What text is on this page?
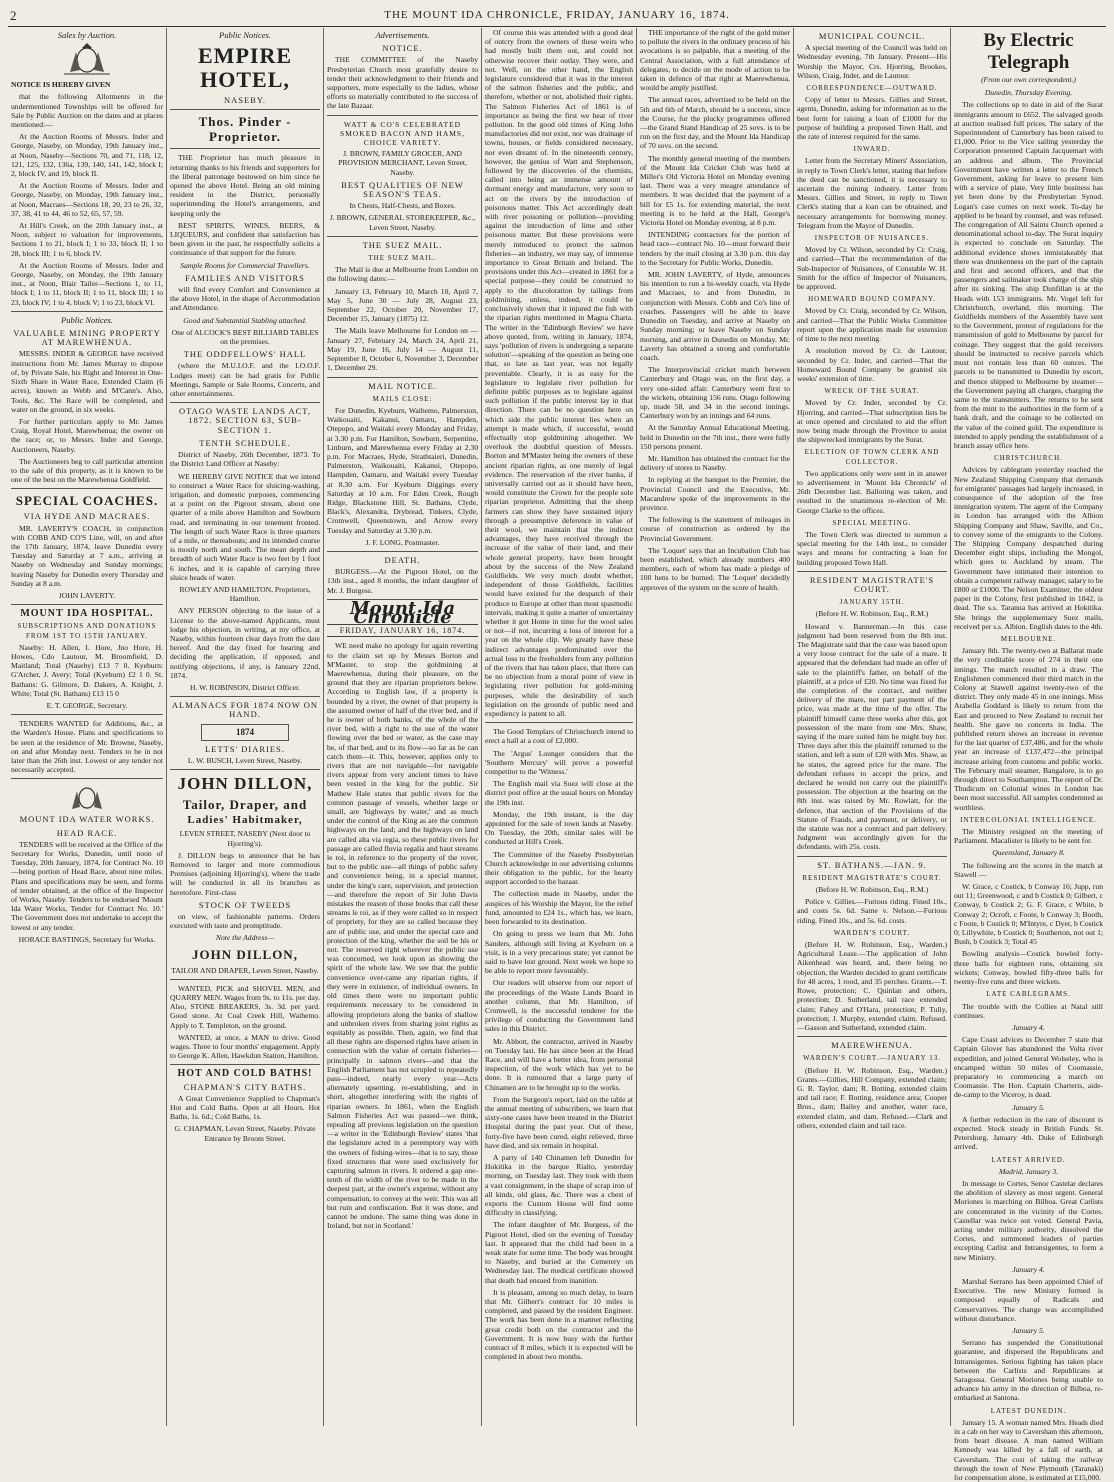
2	THE MOUNT IDA CHRONICLE, FRIDAY, JANUARY 16, 1874.
Sales by Auction.

NOTICE IS HEREBY GIVEN

that the following Allotments in the undermentioned Townships will be offered for Sale by Public Auction on the dates and at places mentioned:—

At the Auction Rooms of Messrs. Inder and George, Naseby, on Monday, 19th January inst., at Noon, Naseby—Sections 70, and 71, 118, 12, 121, 125, 132, 136a, 139, 140, 141, 142, block I; 2, block IV, and 19, block II.

At the Auction Rooms of Messrs. Inder and George, Naseby, on Monday, 19th January inst., at Noon, Macraes—Sections 18, 20, 23 to 26, 32, 37, 38, 41 to 44, 46 to 52, 65, 57, 59.

At Hill's Creek, on the 20th January inst., at Noon, subject to valuation for improvements, Sections 1 to 21, block I; 1 to 33, block II; 1 to 28, block III; 1 to 6, block IV.

At the Auction Rooms of Messrs. Inder and George, Naseby, on Monday, the 19th January inst., at Noon, Blair Tailer—Sections 1, to 11, block I; 1 to 11, block II; 1 to 11, block III; 1 to 23, block IV; 1 to 4, block V; 1 to 23, block VI.

Public Notices.
VALUABLE MINING PROPERTY AT MAREWHENUA.

MESSRS. INDER & GEORGE have received instructions from Mr. James Murray to dispose of, by Private Sale, his Right and Interest in One-Sixth Share in Water Race, Extended Claim (6 acres), known as Webb and M'Cann's. Also, Tools, &c. The Race will be completed, and water on the ground, in six weeks.

For further particulars apply to Mr. James Craig, Royal Hotel, Marewhenua; the owner on the race; or, to Messrs. Inder and George, Auctioneers, Naseby.

The Auctioneers beg to call particular attention to the sale of this property, as it is known to be one of the best on the Marewhenua Goldfield.

SPECIAL COACHES.
VIA HYDE AND MACRAES.

MR. LAVERTY'S COACH, in conjunction with COBB AND CO'S Line, will, on and after the 17th January, 1874, leave Dunedin every Tuesday and Saturday at 7 a.m., arriving at Naseby on Wednesday and Sunday mornings; leaving Naseby for Dunedin every Thursday and Sunday at 8 a.m.

JOHN LAVERTY.

MOUNT IDA HOSPITAL.
SUBSCRIPTIONS AND DONATIONS FROM 1ST TO 15TH JANUARY.

Naseby: H. Allen, I. Hore, Jno Hore, H. Howes, Cdo Lautour, M. Broomfield, D. Maitland; Total (Naseby) £13 7 0. Kyeburn: G'Archer, J. Avery; Total (Kyeburn) £2 1 0. St. Bathans: G. Gilmore, D. Dakers, A. Knight, J. White; Total (St. Bathans) £13 15 0

E. T. GEORGE, Secretary.

TENDERS WANTED for Additions, &c., at the Warden's House. Plans and specifications to be seen at the residence of Mr. Browne, Naseby, on and after Monday next. Tenders to be in not later than the 26th inst. Lowest or any tender not necessarily accepted.

MOUNT IDA WATER WORKS.
HEAD RACE.

TENDERS will be received at the Office of the Secretary for Works, Dunedin, until noon of Tuesday, 20th January, 1874, for Contract No. 10—being portion of Head Race, about nine miles. Plans and specifications may be seen, and forms of tender obtained, at the office of the Inspector of Works, Naseby. Tenders to be endorsed 'Mount Ida Water Works, Tender for Contract No. 10.' The Government does not undertake to accept the lowest or any tender.

HORACE BASTINGS, Secretary for Works.

Public Notices.
EMPIRE HOTEL,
NASEBY.
Thos. Pinder - Proprietor.

THE Proprietor has much pleasure in returning thanks to his friends and supporters for the liberal patronage bestowed on him since he opened the above Hotel. Being an old mining resident in the District, personally superintending the Hotel's arrangements, and keeping only the

BEST SPIRITS, WINES, BEERS, & LIQUEURS, and confident that satisfaction has been given in the past, he respectfully solicits a continuance of that support for the future.

Sample Rooms for Commercial Travellers.

FAMILIES AND VISITORS

will find every Comfort and Convenience at the above Hotel, in the shape of Accommodation and Attendance.

Good and Substantial Stabling attached.

One of ALCOCK'S BEST BILLIARD TABLES on the premises.

THE ODDFELLOWS' HALL

(where the M.U.I.O.F. and the I.O.O.F. Lodges meet) can be had gratis for Public Meetings, Sample or Sale Rooms, Concerts, and other entertainments.

OTAGO WASTE LANDS ACT, 1872. SECTION 63, SUB-SECTION 1.
TENTH SCHEDULE.

District of Naseby, 26th December, 1873. To the District Land Officer at Naseby:

WE HEREBY GIVE NOTICE that we intend to construct a Water Race for sluicing-washing, irrigation, and domestic purposes, commencing at a point on the Pigroot stream, about one quarter of a mile above Hamilton and Sowburn road, and terminating in our tenement fronted. The length of such Water Race is three quarters of a mile, or thereabouts; and its intended course is mostly north and south. The mean depth and breadth of such Water Race is two feet by 1 foot 6 inches, and it is capable of carrying three sluice heads of water.

ROWLEY AND HAMILTON, Proprietors, Hamilton.

ANY PERSON objecting to the issue of a License to the above-named Applicants, must lodge his objection, in writing, at my office, at Naseby, within fourteen clear days from the date hereof. And the day fixed for hearing and deciding the application, if opposed, and notifying objections, if any, is January 22nd, 1874.

H. W. ROBINSON, District Officer.

ALMANACS FOR 1874 NOW ON HAND.
1874
LETTS' DIARIES.

L. W. BUSCH, Leven Street, Naseby.

JOHN DILLON,
Tailor, Draper, and
Ladies' Habitmaker,

LEVEN STREET, NASEBY (Next door to Hjorring's).

J. DILLON begs to announce that he has Removed to larger and more commodious Premises (adjoining Hjorring's), where the trade will be conducted in all its branches as heretofore. First-class

STOCK OF TWEEDS

on view, of fashionable patterns. Orders executed with taste and promptitude.

Note the Address—

JOHN DILLON,

TAILOR AND DRAPER, Leven Street, Naseby.

WANTED, PICK and SHOVEL MEN, and QUARRY MEN. Wages from 9s. to 11s. per day. Also, STONE BREAKERS, 3s. 3d. per yard. Good stone. At Coal Creek Hill, Waihemo. Apply to T. Templeton, on the ground.

WANTED, at once, a MAN to drive. Good wages. Three to four months' engagement. Apply to George K. Allen, Hawkdun Station, Hamilton.

HOT AND COLD BATHS!
CHAPMAN'S CITY BATHS.

A Great Convenience Supplied to Chapman's Hot and Cold Baths. Open at all Hours. Hot Baths, 1s. 6d.; Cold Baths, 1s.

G. CHAPMAN, Leven Street, Naseby. Private Entrance by Broom Street.

Advertisements.
NOTICE.

THE COMMITTEE of the Naseby Presbyterian Church most gratefully desire to tender their acknowledgment to their friends and supporters, more especially to the ladies, whose efforts so materially contributed to the success of the late Bazaar.

WATT & CO'S CELEBRATED SMOKED BACON AND HAMS, CHOICE VARIETY.

J. BROWN, FAMILY GROCER, AND PROVISION MERCHANT, Leven Street, Naseby.

BEST QUALITIES OF NEW SEASON'S TEAS.

In Chests, Half-Chests, and Boxes.

J. BROWN, GENERAL STOREKEEPER, &c., Leven Street, Naseby.

THE SUEZ MAIL.
THE SUEZ MAIL.

The Mail is due at Melbourne from London on the following dates:—

January 13, February 10, March 10, April 7, May 5, June 30 — July 28, August 23, September 22, October 20, November 17, December 15, January (1875) 12.

The Mails leave Melbourne for London on — January 27, February 24, March 24, April 21, May 19, June 16, July 14 — August 11, September 8, October 6, November 3, December 1, December 29.

MAIL NOTICE.
MAILS CLOSE:

For Dunedin, Kyeburn, Waihemo, Palmerston, Waikouaiti, Kakanui, Oamaru, Hampden, Otepopo, and Waitaki every Monday and Friday, at 3.30 p.m. For Hamilton, Sowburn, Serpentine, Linburn, and Marewhenua every Friday at 2.30 p.m. For Macraes, Hyde, Strathtaieri, Dunedin, Palmerston, Waikouaiti, Kakanui, Otepopo, Hampden, Oamaru, and Waitaki every Tuesday at 8.30 a.m. For Kyeburn Diggings every Saturday at 10 a.m. For Eden Creek, Rough Ridge, Blackstone Hill, St. Bathans, Clyde, Black's, Alexandra, Drybread, Tinkers, Clyde, Cromwell, Queenstown, and Arrow every Tuesday and Saturday at 3.30 p.m.

J. F. LONG, Postmaster.

DEATH.

BURGESS.—At the Pigroot Hotel, on the 13th inst., aged 8 months, the infant daughter of Mr. J. Burgess.

Mount Ida Chronicle
FRIDAY, JANUARY 16, 1874.

WE need make no apology for again reverting to the claim set up by Messrs Borton and M'Master, to stop the goldmining at Maerewhenua, during their pleasure, on the ground that they are riparian proprietors below. According to English law, if a property is bounded by a river, the owner of that property is the assumed owner of half of the river bed, and if he is owner of both banks, of the whole of the river bed, with a right to the use of the water flowing over the bed or water, as the case may be, of that bed, and to its flow—so far as he can catch them—it. This, however, applies only to rivers that are not navigable—for navigable rivers appear from very ancient times to have been vested in the king for the public. Sir Mathew Hale states that public rivers for the common passage of vessels, whether large or small, are 'highways by water,' and as much under the control of the King as are the common highways on the land; and the highways on land are called alta via regia, so these public rivers for passage are called fluvia regalia and haut streams le roi, in reference to the property of the rover, but to the public use—all things of public safety and convenience being, in a special manner, under the king's care, supervision, and protection—and therefore the report of Sir John Davis mistakes the reason of those books that call these streams le roi, as if they were called so in respect of propriety, for they are so called because they are of public use, and under the special care and protection of the king, whether the soil be his or not. The reserved right wherever the public use was concerned, we look upon as showing the spirit of the whole law. We see that the public convenience over-came any riparian rights, if they were in existence, of individual owners. In old times there were no important public requirements necessary to be considered in allowing proprietors along the banks of shallow and unbroken rivers from sharing joint rights as equitably as possible. Then, again, we find that all these rights are dispersed rights have arisen in connection with the value of certain fisheries—principally in salmon rivers—and that the English Parliament has not scrupled to repeatedly pass—indeed, nearly every year—Acts alternately upsetting, re-establishing, and in short, altogether interfering with the rights of riparian owners. In 1861, when the English Salmon Fisheries Act was passed—we think, repealing all previous legislation on the question—a writer in the 'Edinburgh Review' states 'that the legislature acted in a peremptory way with the owners of fishing-wires—that is to say, those fixed structures that were used exclusively for capturing salmon in rivers. It ordered a gap one-tenth of the width of the river to be made in the deepest part, at the owner's expense, without any compensation, to convey at the weir. This was all but ruin and confiscation. But it was done, and cannot be undone. The same thing was done in Ireland, but not in Scotland.'

Of course this was attended with a good deal of outcry from the owners of these weirs who had mostly built them out, and could not otherwise recover their outlay. They were, and not. Well, on the other hand, the English legislature considered that it was in the interest of the salmon fisheries and the public, and therefore, whether or not, abolished their rights. The Salmon Fisheries Act of 1861 is of importance as being the first we hear of river pollution. In the good old times of King John manufactories did not exist, nor was drainage of towns, houses, or fields considered necessary, nor even dreamt of. In the nineteenth century, however, the genius of Watt and Stephenson, followed by the discoveries of the chemists, called into being an immense amount of dormant energy and manufacture, very soon to act on the rivers by the introduction of poisonous matter. This Act accordingly dealt with river poisoning or pollution—providing against the introduction of lime and other poisonous matter. But these provisions were merely introduced to protect the salmon fisheries—an industry, we may say, of immense importance to Great Britain and Ireland. The provisions under this Act—created in 1861 for a special purpose—they could be construed to apply to the discoloration by tailings from goldmining, unless, indeed, it could be conclusively shown that it injured the fish with the riparian rights mentioned in Magna Charta. The writer in the 'Edinburgh Review' we have above quoted, from, writing in January, 1874, says 'pollution of rivers is undergoing a separate solution'—speaking of the question as being one that, so late as last year, was not legally preventable. Clearly, it is as easy for the legislature to legislate river pollution for definite public purposes as to legislate against such pollution if the public interest lay in that direction. There can be no question here on which side the public interest lies when an attempt is made which, if successful, would effectually stop goldmining altogether. We overlook the doubtful question of Messrs. Borton and M'Master being the owners of these ancient riparian rights, as one merely of legal evidence. The reservation of the river banks, if universally carried out as it should have been, would constitute the Crown for the people sole riparian proprietor. Admitting that the sheep farmers can show they have sustained injury through a presumptive deference in value of their wool, we maintain that the indirect advantages, they have received through the increase of the value of their land, and their whole general property, have been brought about by the success of the New Zealand Goldfields. We very much doubt whether, independent of those Goldfields, facilities would have existed for the despatch of their produce to Europe at other than most spasmodic intervals, making it quite a matter of uncertainty whether it got Home in time for the wool sales or not—if not, incurring a loss of interest for a year on the whole clip. We greatly have these indirect advantages predominated over the actual loss to the freeholders from any pollution of the rivers that has taken place, that there can be no objection from a moral point of view in legislating river pollution for gold-mining purposes, while the desirability of such legislation on the grounds of public need and expediency is patent to all.

The Good Templars of Christchurch intend to erect a hall at a cost of £2,000.

The 'Argus' Lounger considers that the 'Southern Mercury' will prove a powerful competitor to the 'Witness.'

The English mail via Suez will close at the district post office at the usual hours on Monday the 19th inst.

Monday, the 19th instant, is the day appointed for the sale of town lands at Naseby. On Tuesday, the 20th, similar sales will be conducted at Hill's Creek.

The Committee of the Naseby Presbyterian Church acknowledge in our advertising columns their obligation to the public, for the hearty support accorded to the bazaar.

The collection made in Naseby, under the auspices of his Worship the Mayor, for the relief fund, amounted to £24 1s., which has, we learn, been forwarded to its destination.

On going to press we learn that Mr. John Sanders, although still living at Kyeburn on a visit, is in a very precarious state; yet cannot be said to have lost ground. Next week we hope to be able to report more favourably.

Our readers will observe from our report of the proceedings of the Waste Lands Board in another column, that Mr. Hamilton, of Cromwell, is the successful tenderer for the privilege of conducting the Government land sales in this District.

Mr. Abbott, the contractor, arrived in Naseby on Tuesday last. He has since been at the Head Race, and will have a better idea, from personal inspection, of the work which has yet to be done. It is rumoured that a large party of Chinamen are to be brought up to the works.

From the Surgeon's report, laid on the table at the annual meeting of subscribers, we learn that sixty-one cases have been treated in the District Hospital during the past year. Out of these, forty-five have been cured, eight relieved, three have died, and six remain in hospital.

A party of 140 Chinamen left Dunedin for Hokitika in the barque Rialto, yesterday morning, on Tuesday last. They took with them a vast consignment, in the shape of scrap iron of all kinds, old glass, &c. There was a chest of exports the Custom House will find some difficulty in classifying.

The infant daughter of Mr. Burgess, of the Pigroot Hotel, died on the evening of Tuesday last. It appeared that the child had been in a weak state for some time. The body was brought to Naseby, and buried at the Cemetery on Wednesday last. The medical certificate showed that death had ensued from inanition.

It is pleasant, among so much delay, to learn that Mr. Gilbert's contract for 10 miles is completed, and passed by the resident Engineer. The work has been done in a manner reflecting great credit both on the contractor and the Government. It is now busy with the further contract of 8 miles, which it is expected will be completed in about two months.

THE importance of the right of the gold miner to pollute the rivers in the ordinary process of his avocations is so palpable, that a meeting of the Central Association, with a full attendance of delegates, to decide on the mode of action to be taken in defence of that right at Maerewhenua, would be amply justified.

The annual races, advertised to be held on the 5th and 6th of March, should be a success, since the Course, for the plucky programmes offered—the Grand Stand Handicap of 25 sovs. is to be run on the first day, and the Mount Ida Handicap of 70 sovs. on the second.

The monthly general meeting of the members of the Mount Ida Cricket Club was held at Miller's Old Victoria Hotel on Monday evening last. There was a very meagre attendance of members. It was decided that the payment of a bill for £5 1s. for extending material, the next meeting is to be held at the Hall, George's Victoria Hotel on Monday evening, at 8 p.m.

INTENDING contractors for the portion of head race—contract No. 10—must forward their tenders by the mail closing at 3.30 p.m. this day to the Secretary for Public Works, Dunedin.

MR. JOHN LAVERTY, of Hyde, announces his intention to run a bi-weekly coach, via Hyde and Macraes, to and from Dunedin, in conjunction with Messrs. Cobb and Co's line of coaches. Passengers will be able to leave Dunedin on Tuesday, and arrive at Naseby on Sunday morning; or leave Naseby on Sunday morning, and arrive in Dunedin on Monday. Mr. Laverty has obtained a strong and comfortable coach.

The Interprovincial cricket match between Canterbury and Otago was, on the first day, a very one-sided affair. Canterbury went first to the wickets, obtaining 156 runs. Otago following up, made 58, and 34 in the second innings. Canterbury won by an innings and 64 runs.

At the Saturday Annual Educational Meeting, held in Dunedin on the 7th inst., there were fully 150 persons present.

Mr. Hamilton has obtained the contract for the delivery of stores to Naseby.

In replying at the banquet to the Premier, the Provincial Council and the Executive, Mr. Macandrew spoke of the improvements in the province.

The following is the statement of mileages in course of construction as ordered by the Provincial Government.

The 'Loquet' says that an Incubation Club has been established, which already numbers 400 members, each of whom has made a pledge of 100 hens to be burned. The 'Loquet' decidedly approves of the system on the score of health.

MUNICIPAL COUNCIL.

A special meeting of the Council was held on Wednesday evening, 7th January. Present—His Worship the Mayor, Crs. Hjorring, Brookes, Wilson, Craig, Inder, and de Lautour.

CORRESPONDENCE—OUTWARD.

Copy of letter to Messrs. Gillies and Street, agents, Dunedin, asking for information as to the best form for raising a loan of £1000 for the purpose of building a proposed Town Hall, and the rate of interest required for the same.

INWARD.

Letter from the Secretary Miners' Association, in reply to Town Clerk's letter, stating that before the deed can be sanctioned, it is necessary to ascertain the mining industry. Letter from Messrs. Gillies and Street, in reply to Town Clerk's stating that a loan can be obtained, and necessary arrangements for borrowing money. Telegram from the Mayor of Dunedin.

INSPECTOR OF NUISANCES.

Moved by Cr. Wilson, seconded by Cr. Craig, and carried—That the recommendation of the Sub-Inspector of Nuisances, of Constable W. H. Smith for the office of Inspector of Nuisances, be approved.

HOMEWARD BOUND COMPANY.

Moved by Cr. Craig, seconded by Cr. Wilson, and carried—That the Public Works Committee report upon the application made for extension of time to the next meeting.

A resolution moved by Cr. de Lautour, seconded by Cr. Inder, and carried—That the Homeward Bound Company be granted six weeks' extension of time.

WRECK OF THE SURAT.

Moved by Cr. Inder, seconded by Cr. Hjorring, and carried—That subscription lists be at once opened and circulated to aid the effort now being made through the Province to assist the shipwrecked immigrants by the Surat.

ELECTION OF TOWN CLERK AND COLLECTOR.

Two applications only were sent in in answer to advertisement in 'Mount Ida Chronicle' of 26th December last. Balloting was taken, and resulted in the unanimous re-election of Mr. George Clarke to the offices.

SPECIAL MEETING.

The Town Clerk was directed to summon a special meeting for the 14th inst., to consider ways and means for contracting a loan for building proposed Town Hall.

RESIDENT MAGISTRATE'S COURT.
JANUARY 15TH.

(Before H. W. Robinson, Esq., R.M.)

Howard v. Bannerman.—In this case judgment had been reserved from the 8th inst. The Magistrate said that the case was based upon a very loose contract for the sale of a mare. It appeared that the defendant had made an offer of sale to the plaintiff's father, on behalf of the plaintiff, at a price of £20. No time was fixed for the completion of the contract, and neither delivery of the mare, nor part payment of the price, was made at the time of the offer. The plaintiff himself came three weeks after this, got possession of the mare from one Mrs. Shaw, saying if the mare suited him he might buy her. Three days after this the plaintiff returned to the station, and left a sum of £20 with Mrs. Shaw, as he states, the agreed price for the mare. The defendant refuses to accept the price, and declared he would not carry out the plaintiff's possession. The objection at the hearing on the 8th inst. was raised by Mr. Rowlatt, for the defence, that section of the Provisions of the Statute of Frauds, and payment, or delivery, or the statute was not a contract and part delivery. Judgment was accordingly given for the defendants, with 25s. costs.

ST. BATHANS.—JAN. 9.
RESIDENT MAGISTRATE'S COURT.

(Before H. W. Robinson, Esq., R.M.)

Police v. Gillies.—Furious riding. Fined 10s., and costs 5s. 6d. Same v. Nelson.—Furious riding. Fined 10s., and 5s. 6d. costs.

WARDEN'S COURT.

(Before H. W. Robinson, Esq., Warden.) Agricultural Lease.—The application of John Aikenhead was heard, and, there being no objection, the Warden decided to grant certificate for 48 acres, 1 rood, and 35 perches. Grants.—T. Rowe, protection; C. Quinlan and others, protection; D. Sutherland, tail race extended claim; Fahey and O'Hara, protection; P. Tully, protection; J. Murphy, extended claim. Refused.—Gasson and Sutherland, extended claim.

MAEREWHENUA.
WARDEN'S COURT.—JANUARY 13.

(Before H. W. Robinson, Esq., Warden.) Grants.—Gillies, Hill Company, extended claim; G. R. Taylor, dam; R. Botting, extended claim and tail race; F. Botting, residence area; Cooper Bros., dam; Bailey and another, water race, extended claim, and dam. Refused.—Clark and others, extended claim and tail race.

By Electric Telegraph
(From our own correspondent.)

Dunedin, Thursday Evening.

The collections up to date in aid of the Surat immigrants amount to £652. The salvaged goods at auction realised full prices. The salary of the Superintendent of Canterbury has been raised to £1,000. Prior to the Vice sailing yesterday the Corporation presented Captain Jacquemart with an address and album. The Provincial Government have written a letter to the French Government, asking for leave to present him with a service of plate. Very little business has yet been done by the Presbyterian Synod. Logan's case comes on next week. To-day he applied to be heard by counsel, and was refused. The congregation of All Saints Church opened a denominational school to-day. The Surat inquiry is expected to conclude on Saturday. The additional evidence shows inmistakeably that there was drunkenness on the part of the captain and first and second officers, and that the passengers and sailmaker took charge of the ship after its sinking. The ship Dunfillan is at the Heads with 153 immigrants. Mr. Vogel left for Christchurch, overland, this morning. The Goldfields members of the Assembly have sent to the Government, protest of regulations for the transmission of gold to Melbourne by parcel for coinage. They suggest that the gold receivers should be instructed to receive parcels which must not contain less than 60 ounces. The parcels to be transmitted to Dunedin by escort, and thence shipped to Melbourne by steamer—the Government paying all charges, charging the same to the transmitters. The returns to be sent from the mint to the authorities in the form of a bank draft, and the coinage to be collected on the value of the coined gold. The expenditure is intended to apply pending the establishment of a branch assay office here.

CHRISTCHURCH.

Advices by cablegram yesterday reached the New Zealand Shipping Company that demands for emigrants' passages had largely increased, in consequence of the adoption of the free immigration system. The agent of the Company in London has arranged with the Albion Shipping Company and Shaw, Saville, and Co., to convey some of the emigrants to the Colony. The Shipping Company despatched during December eight ships, including the Mongol, which goes to Auckland by steam. The Government have intimated their intention to obtain a competent railway manager, salary to be £800 or £1000. The Nelson Examiner, the oldest paper in the Colony, first published in 1842, is dead. The s.s. Taranua has arrived at Hokitika. She brings the supplementary Suez mails, received per s.s. Albion. English dates to the 4th.

MELBOURNE.

January 8th. The twenty-two at Ballarat made the very creditable score of 274 in their one innings. The match resulted in a draw. The Englishmen commenced their third match in the Colony at Stawell against twenty-two of the district. They only made 45 in one innings. Miss Arabella Goddard is likely to return from the East and proceed to New Zealand to recruit her health. She gave no concerts in India. The published return shows an increase in revenue for the last quarter of £37,486, and for the whole year an increase of £137,472—the principal increase arising from customs and public works. The February mail steamer, Bangalore, is to go through direct to Southampton. The report of Dr. Thudicum on Colonial wines in London has been most successful. All samples condemned as worthless.

INTERCOLONIAL INTELLIGENCE.

The Ministry resigned on the meeting of Parliament. Macalister is likely to be sent for.

Queensland, January 8.

The following are the scores in the match at Stawell —

W. Grace, c Costick, b Conway 16; Jupp, run out 11; Greenwood, c and b Costick 0; Gilbert, c Conway, b Costick 2; G. F. Grace, c White, b Conway 2; Ocroft, c Foote, b Conway 3; Booth, c Foote, b Costick 0; M'Intyre, c Dyer, b Costick 0; Lillywhite, b Costick 0; Southerton, not out 1; Bush, b Costick 3; Total 45

Bowling analysis—Costick bowled forty-three balls for eighteen runs, obtaining six wickets; Conway, bowled fifty-three balls for twenty-five runs and three wickets.

LATE CABLEGRAMS.

The trouble with the Collies at Natal still continues.

January 4.

Cape Coast advices to December 7 state that Captain Glover has abandoned the Volta river expedition, and joined General Wolseley, who is encamped within 50 miles of Coomassie, preparatory to commencing a march on Coomassie. The Hon. Captain Charteris, aide-de-camp to the Viceroy, is dead.

January 5.

A further reduction in the rate of discount is expected. Stock steady in British Funds. St. Petersburg, January 4th. Duke of Edinburgh arrived.

LATEST ARRIVED.

Madrid, January 3.

In message to Cortes, Senor Castelar declares the abolition of slavery as most urgent. General Moriones is marching on Bilboa. Great Carlists are concentrated in the vicinity of the Cortes. Castellar was twice out voted. General Pavia, acting under military authority, dissolved the Cortes, and summoned leaders of parties excepting Carlist and Intransigentes, to form a new Ministry.

January 4.

Marshal Serrano has been appointed Chief of Executive. The new Ministry formed is composed equally of Radicals and Conservatives. The change was accomplished without disturbance.

January 5.

Serrano has suspended the Constitutional guarantee, and dispersed the Republicans and Intransigentes. Serious fighting has taken place between the Carlists and Republicans at Saragossa. General Moriones being unable to advance his army in the direction of Bilboa, re-embarked at Santona.

LATEST DUNEDIN.

January 15. A woman named Mrs. Heads died in a cab on her way to Caversham this afternoon, from heart disease. A man named William Kennedy was killed by a fall of earth, at Caversham. The cost of taking the railway through the town of New Plymouth (Taranaki) for compensation alone, is estimated at £15,000.
